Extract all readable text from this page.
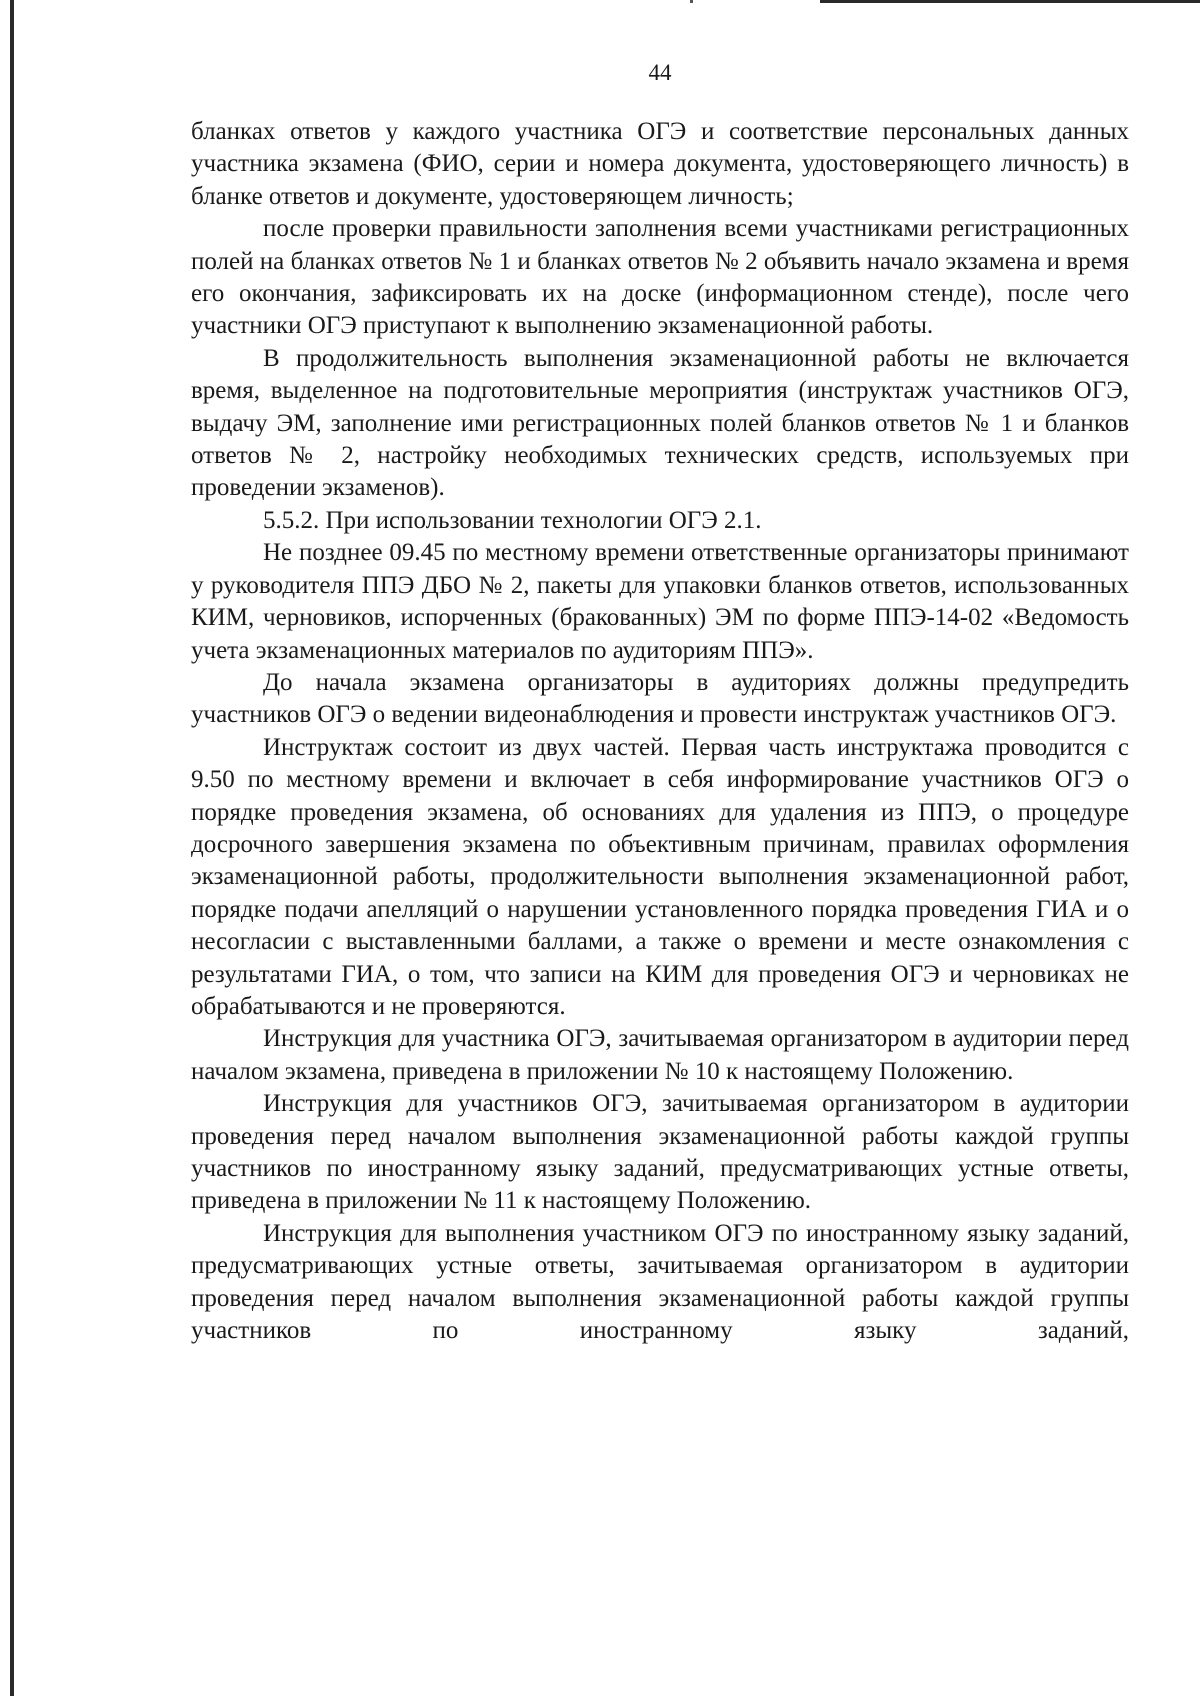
44

бланках ответов у каждого участника ОГЭ и соответствие персональных данных участника экзамена (ФИО, серии и номера документа, удостоверяющего личность) в бланке ответов и документе, удостоверяющем личность;

после проверки правильности заполнения всеми участниками регистрационных полей на бланках ответов № 1 и бланках ответов № 2 объявить начало экзамена и время его окончания, зафиксировать их на доске (информационном стенде), после чего участники ОГЭ приступают к выполнению экзаменационной работы.

В продолжительность выполнения экзаменационной работы не включается время, выделенное на подготовительные мероприятия (инструктаж участников ОГЭ, выдачу ЭМ, заполнение ими регистрационных полей бланков ответов № 1 и бланков ответов № 2, настройку необходимых технических средств, используемых при проведении экзаменов).

5.5.2. При использовании технологии ОГЭ 2.1.

Не позднее 09.45 по местному времени ответственные организаторы принимают у руководителя ППЭ ДБО № 2, пакеты для упаковки бланков ответов, использованных КИМ, черновиков, испорченных (бракованных) ЭМ по форме ППЭ-14-02 «Ведомость учета экзаменационных материалов по аудиториям ППЭ».

До начала экзамена организаторы в аудиториях должны предупредить участников ОГЭ о ведении видеонаблюдения и провести инструктаж участников ОГЭ.

Инструктаж состоит из двух частей. Первая часть инструктажа проводится с 9.50 по местному времени и включает в себя информирование участников ОГЭ о порядке проведения экзамена, об основаниях для удаления из ППЭ, о процедуре досрочного завершения экзамена по объективным причинам, правилах оформления экзаменационной работы, продолжительности выполнения экзаменационной работ, порядке подачи апелляций о нарушении установленного порядка проведения ГИА и о несогласии с выставленными баллами, а также о времени и месте ознакомления с результатами ГИА, о том, что записи на КИМ для проведения ОГЭ и черновиках не обрабатываются и не проверяются.

Инструкция для участника ОГЭ, зачитываемая организатором в аудитории перед началом экзамена, приведена в приложении № 10 к настоящему Положению.

Инструкция для участников ОГЭ, зачитываемая организатором в аудитории проведения перед началом выполнения экзаменационной работы каждой группы участников по иностранному языку заданий, предусматривающих устные ответы, приведена в приложении № 11 к настоящему Положению.

Инструкция для выполнения участником ОГЭ по иностранному языку заданий, предусматривающих устные ответы, зачитываемая организатором в аудитории проведения перед началом выполнения экзаменационной работы каждой группы участников по иностранному языку заданий,
